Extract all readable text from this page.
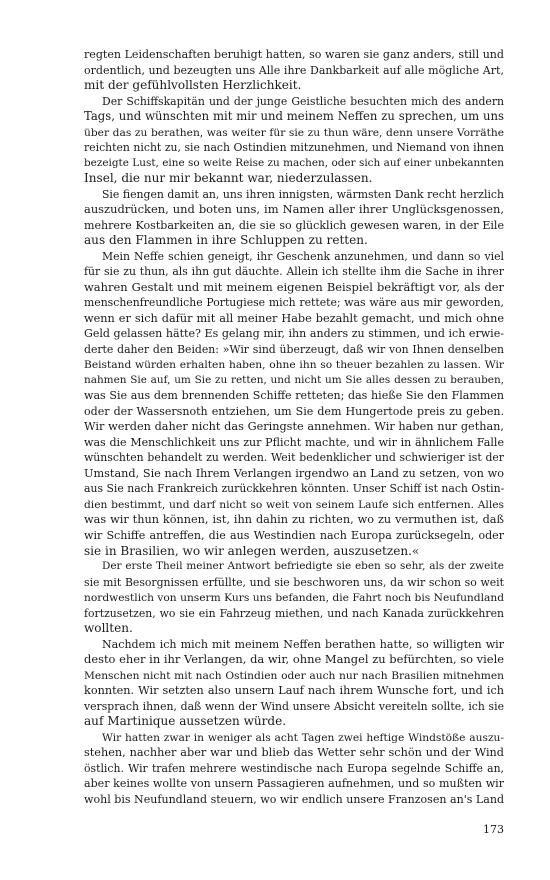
regten Leidenschaften beruhigt hatten, so waren sie ganz anders, still und
ordentlich, und bezeugten uns Alle ihre Dankbarkeit auf alle mögliche Art,
mit der gefühlvollsten Herzlichkeit.
Der Schiffskapitän und der junge Geistliche besuchten mich des andern
Tags, und wünschten mit mir und meinem Neffen zu sprechen, um uns
über das zu berathen, was weiter für sie zu thun wäre, denn unsere Vorräthe
reichten nicht zu, sie nach Ostindien mitzunehmen, und Niemand von ihnen
bezeigte Lust, eine so weite Reise zu machen, oder sich auf einer unbekannten
Insel, die nur mir bekannt war, niederzulassen.
Sie fiengen damit an, uns ihren innigsten, wärmsten Dank recht herzlich
auszudrücken, und boten uns, im Namen aller ihrer Unglücksgenossen,
mehrere Kostbarkeiten an, die sie so glücklich gewesen waren, in der Eile
aus den Flammen in ihre Schluppen zu retten.
Mein Neffe schien geneigt, ihr Geschenk anzunehmen, und dann so viel
für sie zu thun, als ihn gut däuchte. Allein ich stellte ihm die Sache in ihrer
wahren Gestalt und mit meinem eigenen Beispiel bekräftigt vor, als der
menschenfreundliche Portugiese mich rettete; was wäre aus mir geworden,
wenn er sich dafür mit all meiner Habe bezahlt gemacht, und mich ohne
Geld gelassen hätte? Es gelang mir, ihn anders zu stimmen, und ich erwie-
derte daher den Beiden: »Wir sind überzeugt, daß wir von Ihnen denselben
Beistand würden erhalten haben, ohne ihn so theuer bezahlen zu lassen. Wir
nahmen Sie auf, um Sie zu retten, und nicht um Sie alles dessen zu berauben,
was Sie aus dem brennenden Schiffe retteten; das hieße Sie den Flammen
oder der Wassersnoth entziehen, um Sie dem Hungertode preis zu geben.
Wir werden daher nicht das Geringste annehmen. Wir haben nur gethan,
was die Menschlichkeit uns zur Pflicht machte, und wir in ähnlichem Falle
wünschten behandelt zu werden. Weit bedenklicher und schwieriger ist der
Umstand, Sie nach Ihrem Verlangen irgendwo an Land zu setzen, von wo
aus Sie nach Frankreich zurückkehren könnten. Unser Schiff ist nach Ostin-
dien bestimmt, und darf nicht so weit von seinem Laufe sich entfernen. Alles
was wir thun können, ist, ihn dahin zu richten, wo zu vermuthen ist, daß
wir Schiffe antreffen, die aus Westindien nach Europa zurücksegeln, oder
sie in Brasilien, wo wir anlegen werden, auszusetzen.«
Der erste Theil meiner Antwort befriedigte sie eben so sehr, als der zweite
sie mit Besorgnissen erfüllte, und sie beschworen uns, da wir schon so weit
nordwestlich von unserm Kurs uns befanden, die Fahrt noch bis Neufundland
fortzusetzen, wo sie ein Fahrzeug miethen, und nach Kanada zurückkehren
wollten.
Nachdem ich mich mit meinem Neffen berathen hatte, so willigten wir
desto eher in ihr Verlangen, da wir, ohne Mangel zu befürchten, so viele
Menschen nicht mit nach Ostindien oder auch nur nach Brasilien mitnehmen
konnten. Wir setzten also unsern Lauf nach ihrem Wunsche fort, und ich
versprach ihnen, daß wenn der Wind unsere Absicht vereiteln sollte, ich sie
auf Martinique aussetzen würde.
Wir hatten zwar in weniger als acht Tagen zwei heftige Windstöße auszu-
stehen, nachher aber war und blieb das Wetter sehr schön und der Wind
östlich. Wir trafen mehrere westindische nach Europa segelnde Schiffe an,
aber keines wollte von unsern Passagieren aufnehmen, und so mußten wir
wohl bis Neufundland steuern, wo wir endlich unsere Franzosen an's Land
173
